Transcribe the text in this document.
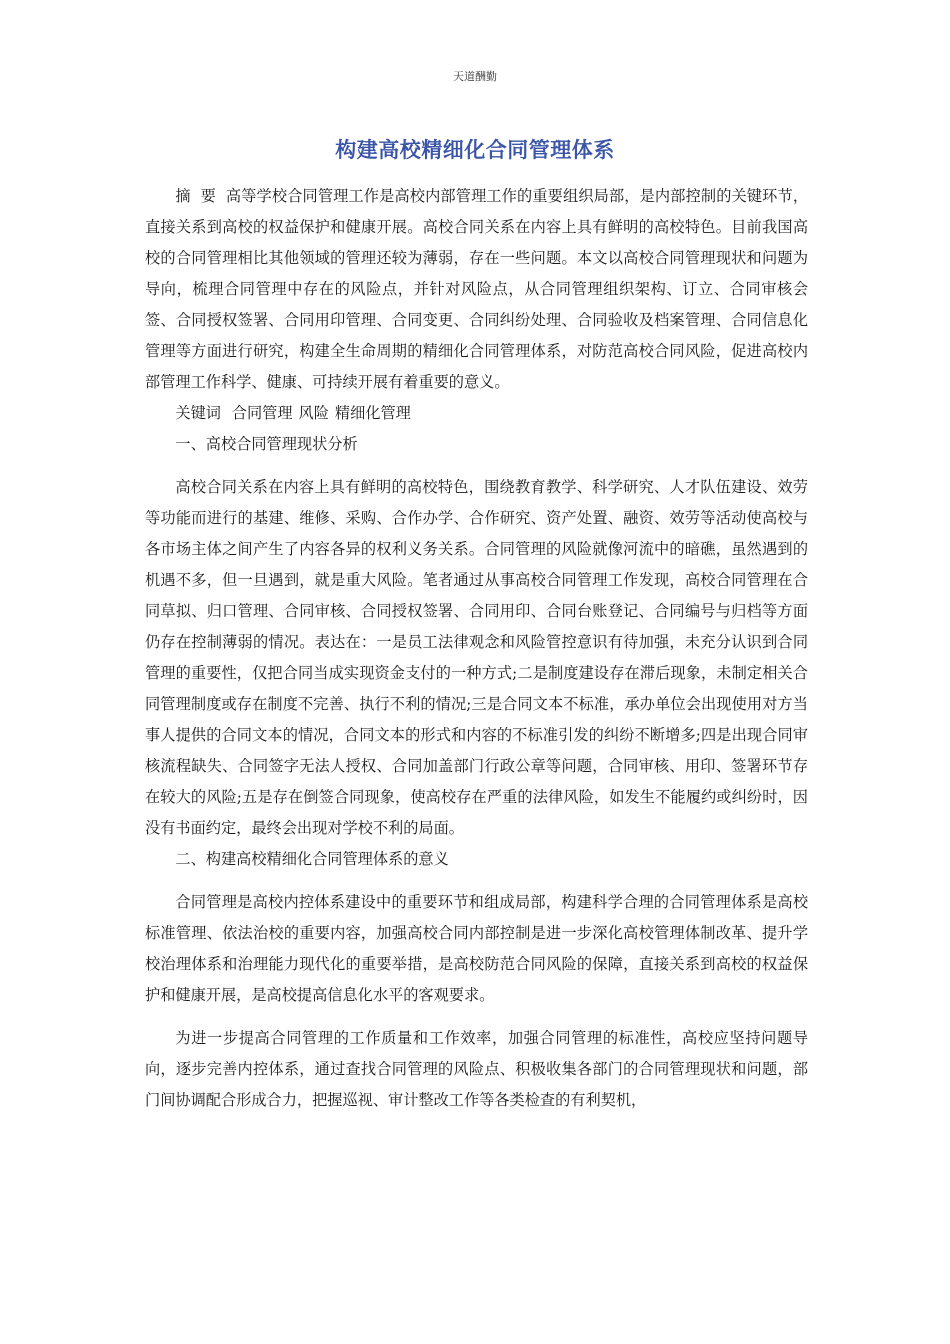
天道酬勤
构建高校精细化合同管理体系

摘  要 高等学校合同管理工作是高校内部管理工作的重要组织局部，是内部控制的关键环节，直接关系到高校的权益保护和健康开展。高校合同关系在内容上具有鲜明的高校特色。目前我国高校的合同管理相比其他领域的管理还较为薄弱，存在一些问题。本文以高校合同管理现状和问题为导向，梳理合同管理中存在的风险点，并针对风险点，从合同管理组织架构、订立、合同审核会签、合同授权签署、合同用印管理、合同变更、合同纠纷处理、合同验收及档案管理、合同信息化管理等方面进行研究，构建全生命周期的精细化合同管理体系，对防范高校合同风险，促进高校内部管理工作科学、健康、可持续开展有着重要的意义。

关键词 合同管理 风险 精细化管理

一、高校合同管理现状分析

高校合同关系在内容上具有鲜明的高校特色，围绕教育教学、科学研究、人才队伍建设、效劳等功能而进行的基建、维修、采购、合作办学、合作研究、资产处置、融资、效劳等活动使高校与各市场主体之间产生了内容各异的权利义务关系。合同管理的风险就像河流中的暗礁，虽然遇到的机遇不多，但一旦遇到，就是重大风险。笔者通过从事高校合同管理工作发现，高校合同管理在合同草拟、归口管理、合同审核、合同授权签署、合同用印、合同台账登记、合同编号与归档等方面仍存在控制薄弱的情况。表达在：一是员工法律观念和风险管控意识有待加强，未充分认识到合同管理的重要性，仅把合同当成实现资金支付的一种方式;二是制度建设存在滞后现象，未制定相关合同管理制度或存在制度不完善、执行不利的情况;三是合同文本不标准，承办单位会出现使用对方当事人提供的合同文本的情况，合同文本的形式和内容的不标准引发的纠纷不断增多;四是出现合同审核流程缺失、合同签字无法人授权、合同加盖部门行政公章等问题，合同审核、用印、签署环节存在较大的风险;五是存在倒签合同现象，使高校存在严重的法律风险，如发生不能履约或纠纷时，因没有书面约定，最终会出现对学校不利的局面。

二、构建高校精细化合同管理体系的意义

合同管理是高校内控体系建设中的重要环节和组成局部，构建科学合理的合同管理体系是高校标准管理、依法治校的重要内容，加强高校合同内部控制是进一步深化高校管理体制改革、提升学校治理体系和治理能力现代化的重要举措，是高校防范合同风险的保障，直接关系到高校的权益保护和健康开展，是高校提高信息化水平的客观要求。

为进一步提高合同管理的工作质量和工作效率，加强合同管理的标准性，高校应坚持问题导向，逐步完善内控体系，通过查找合同管理的风险点、积极收集各部门的合同管理现状和问题，部门间协调配合形成合力，把握巡视、审计整改工作等各类检查的有利契机，
